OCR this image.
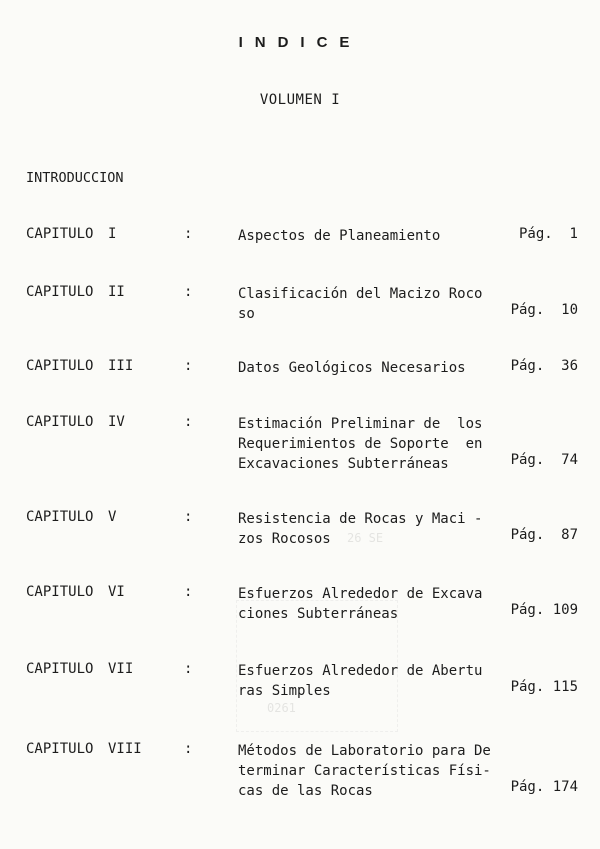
INDICE
VOLUMEN I
INTRODUCCION
CAPITULO I	:	Aspectos de Planeamiento	Pág.  1
CAPITULO II	:	Clasificación del Macizo Roco
so	Pág.  10
CAPITULO III	:	Datos Geológicos Necesarios	Pág.  36
CAPITULO IV	:	Estimación Preliminar de  los
Requerimientos de Soporte  en
Excavaciones Subterráneas	Pág.  74
CAPITULO V	:	Resistencia de Rocas y Maci -
zos Rocosos	Pág.  87
CAPITULO VI	:	Esfuerzos Alrededor de Excava
ciones Subterráneas	Pág. 109
CAPITULO VII	:	Esfuerzos Alrededor de Abertu
ras Simples	Pág. 115
CAPITULO VIII	:	Métodos de Laboratorio para De
terminar Características Físi-
cas de las Rocas	Pág. 174
26 SE
0261
